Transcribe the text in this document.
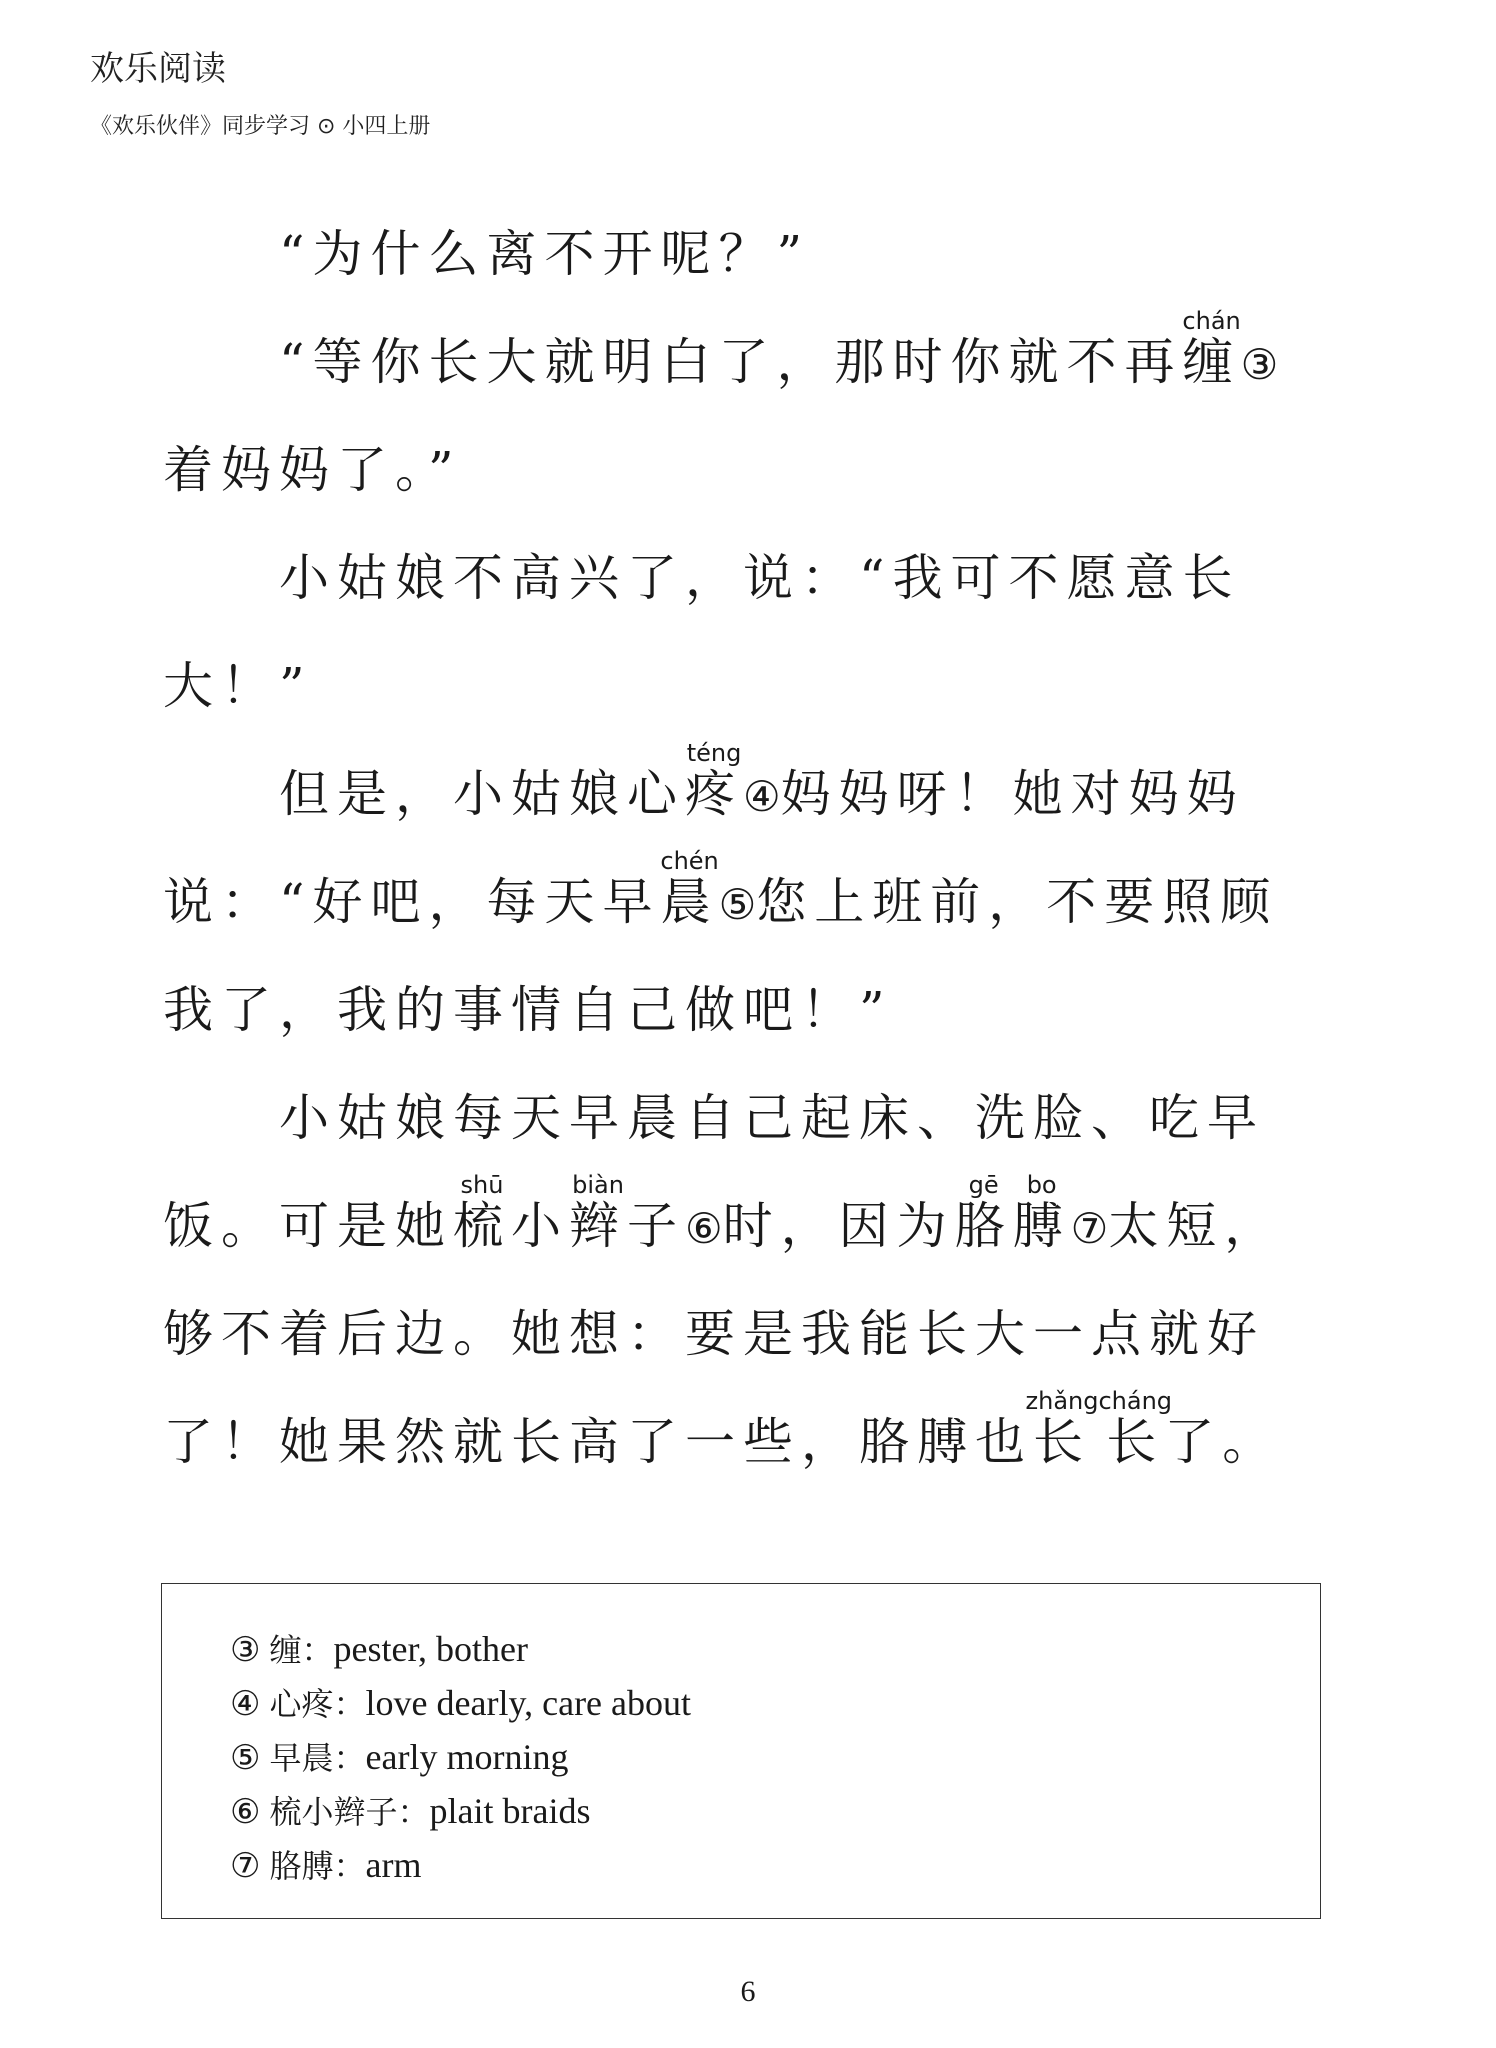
欢乐阅读
《欢乐伙伴》同步学习 ⊙ 小四上册
“为什么离不开呢？”
“等你长大就明白了，那时你就不再缠chán③
着妈妈了。”
小姑娘不高兴了，说：“我可不愿意长
大！”
但是，小姑娘心疼téng④妈妈呀！她对妈妈
说：“好吧，每天早晨chén⑤您上班前，不要照顾
我了，我的事情自己做吧！”
小姑娘每天早晨自己起床、洗脸、吃早
饭。可是她梳shū小辫biàn子⑥时，因为胳gē膊bo⑦太短，
够不着后边。她想：要是我能长大一点就好
了！她果然就长高了一些，胳膊也长zhǎng长cháng了。
③ 缠：pester, bother
④ 心疼：love dearly, care about
⑤ 早晨：early morning
⑥ 梳小辫子：plait braids
⑦ 胳膊：arm
6
